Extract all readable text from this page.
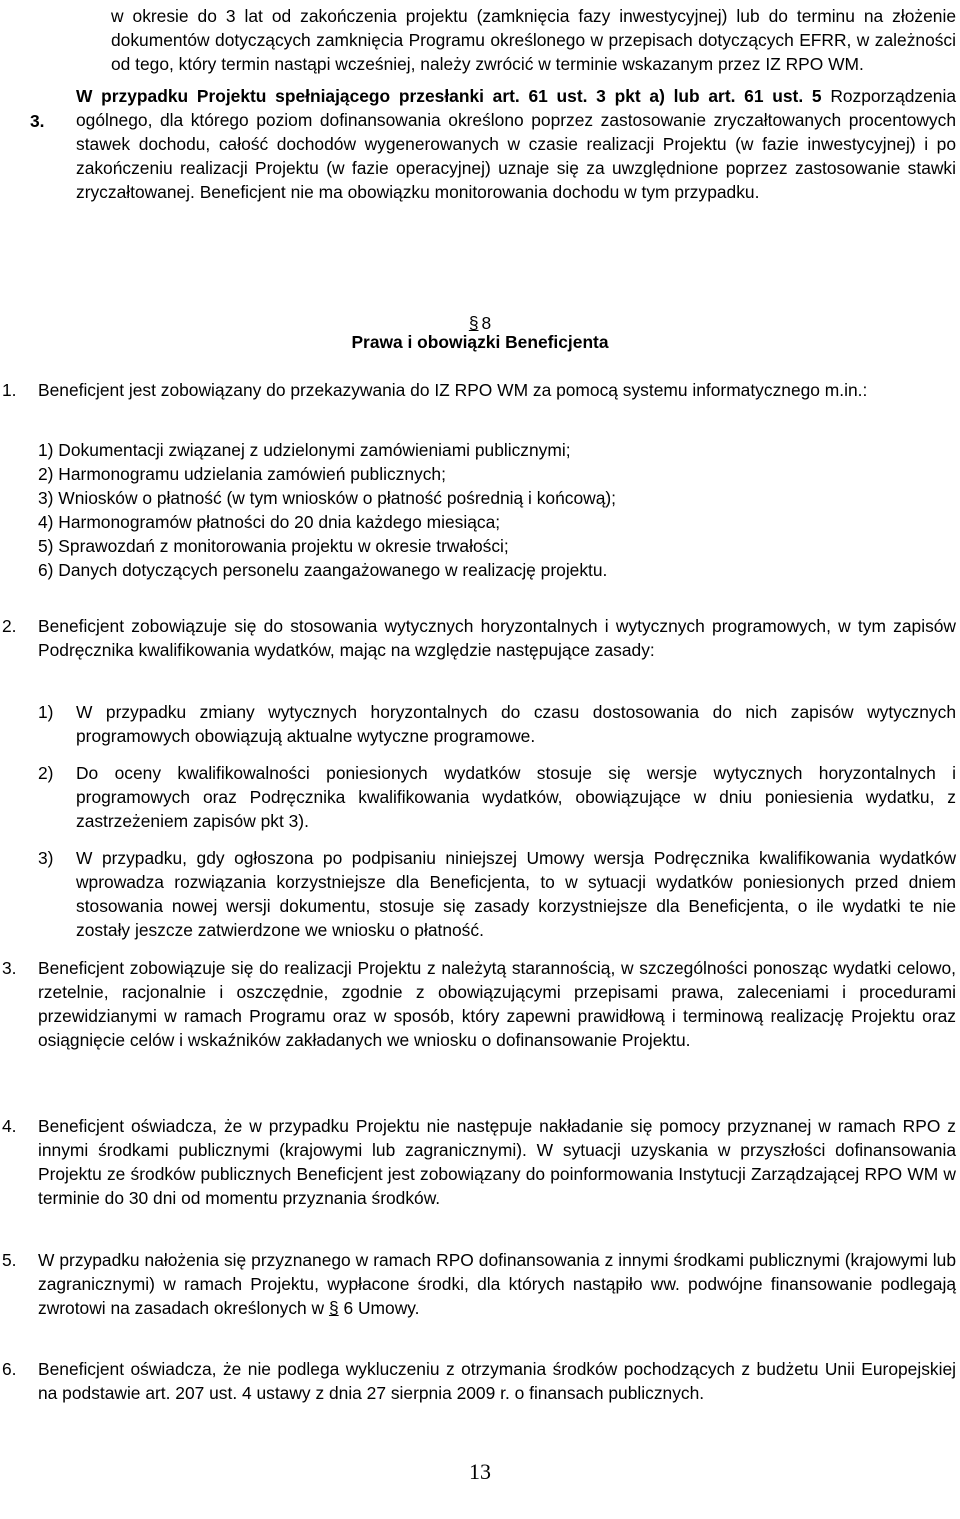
w okresie do 3 lat od zakończenia projektu (zamknięcia fazy inwestycyjnej) lub do terminu na złożenie dokumentów dotyczących zamknięcia Programu określonego w przepisach dotyczących EFRR, w zależności od tego, który termin nastąpi wcześniej, należy zwrócić w terminie wskazanym przez IZ RPO WM.
3.
W przypadku Projektu spełniającego przesłanki art. 61 ust. 3 pkt a) lub art. 61 ust. 5 Rozporządzenia ogólnego, dla którego poziom dofinansowania określono poprzez zastosowanie zryczałtowanych procentowych stawek dochodu, całość dochodów wygenerowanych w czasie realizacji Projektu (w fazie inwestycyjnej) i po zakończeniu realizacji Projektu (w fazie operacyjnej) uznaje się za uwzględnione poprzez zastosowanie stawki zryczałtowanej. Beneficjent nie ma obowiązku monitorowania dochodu w tym przypadku.
§ 8
Prawa i obowiązki Beneficjenta
1. Beneficjent jest zobowiązany do przekazywania do IZ RPO WM za pomocą systemu informatycznego m.in.:
1) Dokumentacji związanej z udzielonymi zamówieniami publicznymi;
2) Harmonogramu udzielania zamówień publicznych;
3) Wniosków o płatność (w tym wniosków o płatność pośrednią i końcową);
4) Harmonogramów płatności do 20 dnia każdego miesiąca;
5) Sprawozdań z monitorowania projektu w okresie trwałości;
6) Danych dotyczących personelu zaangażowanego w realizację projektu.
2. Beneficjent zobowiązuje się do stosowania wytycznych horyzontalnych i wytycznych programowych, w tym zapisów Podręcznika kwalifikowania wydatków, mając na względzie następujące zasady:
1) W przypadku zmiany wytycznych horyzontalnych do czasu dostosowania do nich zapisów wytycznych programowych obowiązują aktualne wytyczne programowe.
2) Do oceny kwalifikowalności poniesionych wydatków stosuje się wersje wytycznych horyzontalnych i programowych oraz Podręcznika kwalifikowania wydatków, obowiązujące w dniu poniesienia wydatku, z zastrzeżeniem zapisów pkt 3).
3) W przypadku, gdy ogłoszona po podpisaniu niniejszej Umowy wersja Podręcznika kwalifikowania wydatków wprowadza rozwiązania korzystniejsze dla Beneficjenta, to w sytuacji wydatków poniesionych przed dniem stosowania nowej wersji dokumentu, stosuje się zasady korzystniejsze dla Beneficjenta, o ile wydatki te nie zostały jeszcze zatwierdzone we wniosku o płatność.
3. Beneficjent zobowiązuje się do realizacji Projektu z należytą starannością, w szczególności ponosząc wydatki celowo, rzetelnie, racjonalnie i oszczędnie, zgodnie z obowiązującymi przepisami prawa, zaleceniami i procedurami przewidzianymi w ramach Programu oraz w sposób, który zapewni prawidłową i terminową realizację Projektu oraz osiągnięcie celów i wskaźników zakładanych we wniosku o dofinansowanie Projektu.
4. Beneficjent oświadcza, że w przypadku Projektu nie następuje nakładanie się pomocy przyznanej w ramach RPO z innymi środkami publicznymi (krajowymi lub zagranicznymi). W sytuacji uzyskania w przyszłości dofinansowania Projektu ze środków publicznych Beneficjent jest zobowiązany do poinformowania Instytucji Zarządzającej RPO WM w terminie do 30 dni od momentu przyznania środków.
5. W przypadku nałożenia się przyznanego w ramach RPO dofinansowania z innymi środkami publicznymi (krajowymi lub zagranicznymi) w ramach Projektu, wypłacone środki, dla których nastąpiło ww. podwójne finansowanie podlegają zwrotowi na zasadach określonych w § 6 Umowy.
6. Beneficjent oświadcza, że nie podlega wykluczeniu z otrzymania środków pochodzących z budżetu Unii Europejskiej na podstawie art. 207 ust. 4 ustawy z dnia 27 sierpnia 2009 r. o finansach publicznych.
13
